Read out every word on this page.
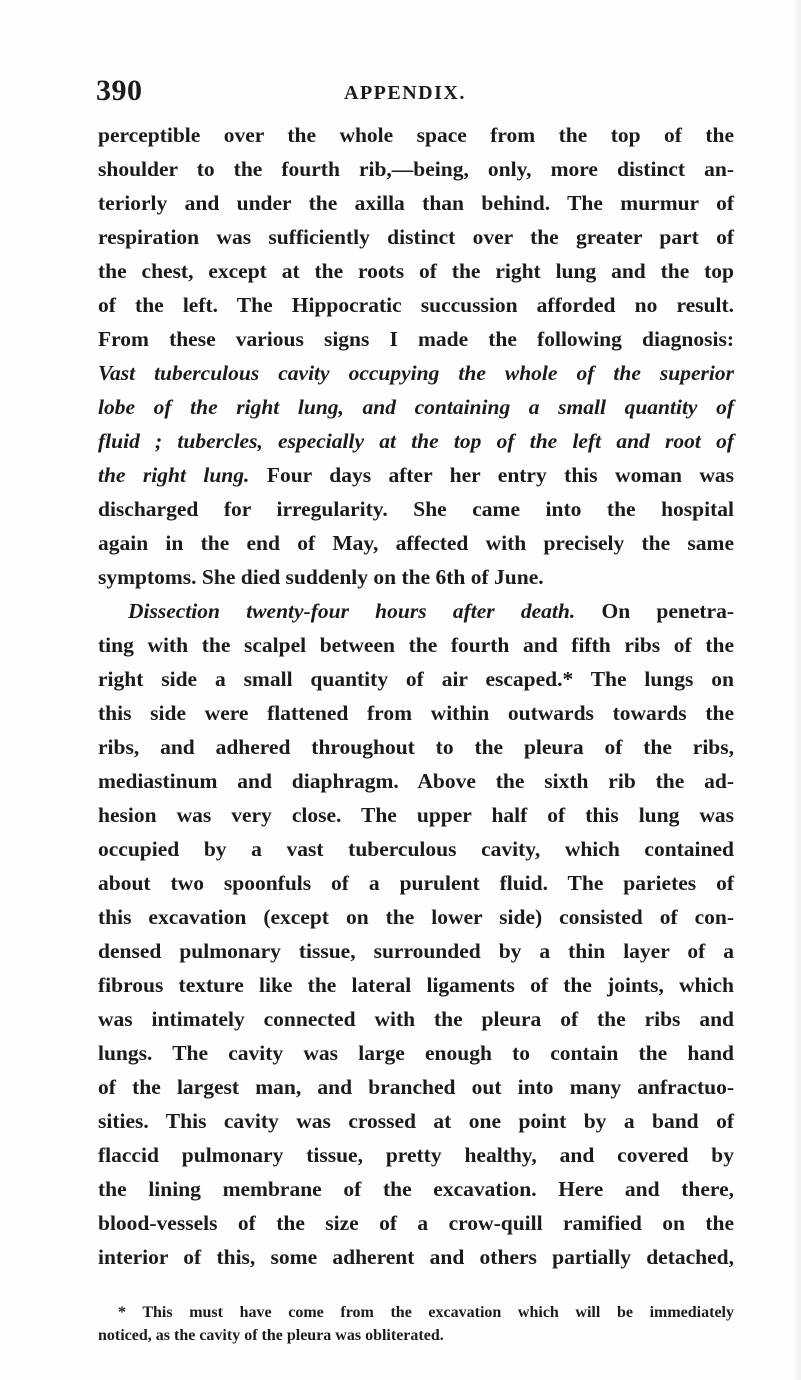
390	APPENDIX.
perceptible over the whole space from the top of the
shoulder to the fourth rib,—being, only, more distinct an-
teriorly and under the axilla than behind. The murmur of
respiration was sufficiently distinct over the greater part of
the chest, except at the roots of the right lung and the top
of the left. The Hippocratic succussion afforded no result.
From these various signs I made the following diagnosis:
Vast tuberculous cavity occupying the whole of the superior
lobe of the right lung, and containing a small quantity of
fluid ; tubercles, especially at the top of the left and root of
the right lung. Four days after her entry this woman was
discharged for irregularity. She came into the hospital
again in the end of May, affected with precisely the same
symptoms. She died suddenly on the 6th of June.
Dissection twenty-four hours after death. On penetra-
ting with the scalpel between the fourth and fifth ribs of the
right side a small quantity of air escaped.* The lungs on
this side were flattened from within outwards towards the
ribs, and adhered throughout to the pleura of the ribs,
mediastinum and diaphragm. Above the sixth rib the ad-
hesion was very close. The upper half of this lung was
occupied by a vast tuberculous cavity, which contained
about two spoonfuls of a purulent fluid. The parietes of
this excavation (except on the lower side) consisted of con-
densed pulmonary tissue, surrounded by a thin layer of a
fibrous texture like the lateral ligaments of the joints, which
was intimately connected with the pleura of the ribs and
lungs. The cavity was large enough to contain the hand
of the largest man, and branched out into many anfractuo-
sities. This cavity was crossed at one point by a band of
flaccid pulmonary tissue, pretty healthy, and covered by
the lining membrane of the excavation. Here and there,
blood-vessels of the size of a crow-quill ramified on the
interior of this, some adherent and others partially detached,
* This must have come from the excavation which will be immediately
noticed, as the cavity of the pleura was obliterated.
